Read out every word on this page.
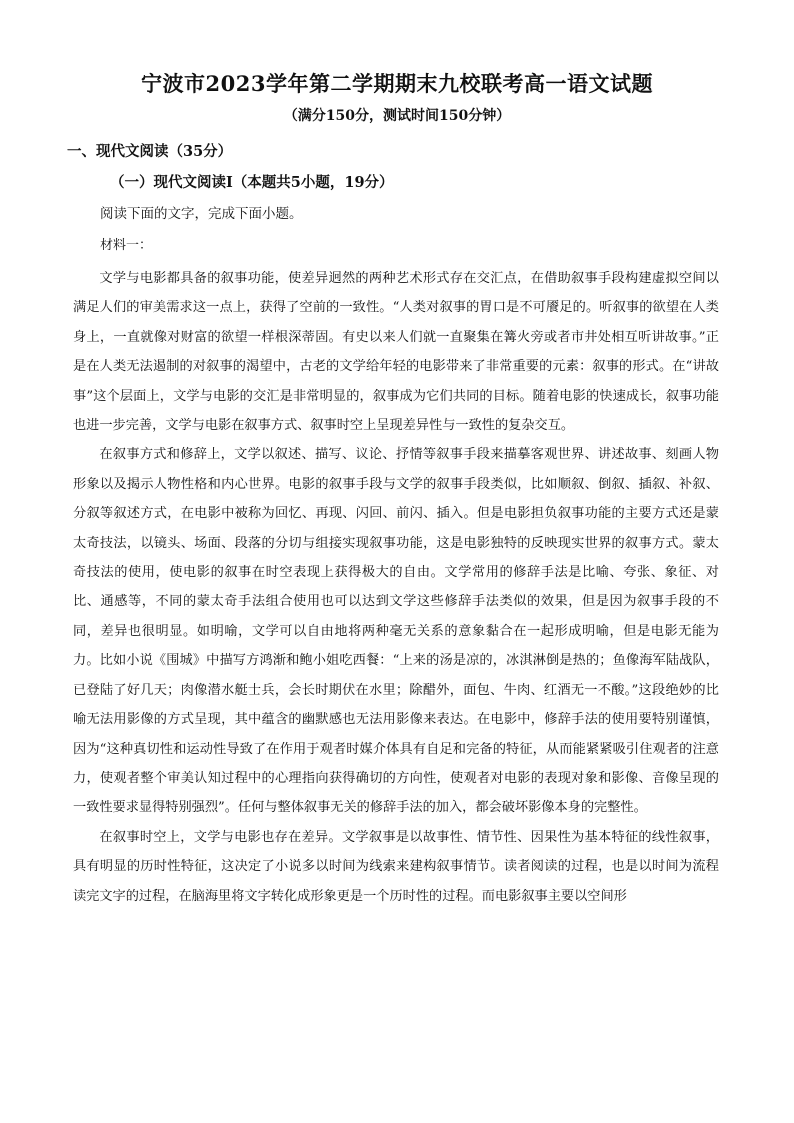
宁波市2023学年第二学期期末九校联考高一语文试题
（满分150分，测试时间150分钟）
一、现代文阅读（35分）
（一）现代文阅读Ⅰ（本题共5小题，19分）
阅读下面的文字，完成下面小题。
材料一：

文学与电影都具备的叙事功能，使差异迥然的两种艺术形式存在交汇点，在借助叙事手段构建虚拟空间以满足人们的审美需求这一点上，获得了空前的一致性。“人类对叙事的胃口是不可餍足的。听叙事的欲望在人类身上，一直就像对财富的欲望一样根深蒂固。有史以来人们就一直聚集在篝火旁或者市井处相互听讲故事。”正是在人类无法遏制的对叙事的渴望中，古老的文学给年轻的电影带来了非常重要的元素：叙事的形式。在“讲故事”这个层面上，文学与电影的交汇是非常明显的，叙事成为它们共同的目标。随着电影的快速成长，叙事功能也进一步完善，文学与电影在叙事方式、叙事时空上呈现差异性与一致性的复杂交互。

在叙事方式和修辞上，文学以叙述、描写、议论、抒情等叙事手段来描摹客观世界、讲述故事、刻画人物形象以及揭示人物性格和内心世界。电影的叙事手段与文学的叙事手段类似，比如顺叙、倒叙、插叙、补叙、分叙等叙述方式，在电影中被称为回忆、再现、闪回、前闪、插入。但是电影担负叙事功能的主要方式还是蒙太奇技法，以镜头、场面、段落的分切与组接实现叙事功能，这是电影独特的反映现实世界的叙事方式。蒙太奇技法的使用，使电影的叙事在时空表现上获得极大的自由。文学常用的修辞手法是比喻、夸张、象征、对比、通感等，不同的蒙太奇手法组合使用也可以达到文学这些修辞手法类似的效果，但是因为叙事手段的不同，差异也很明显。如明喻，文学可以自由地将两种毫无关系的意象黏合在一起形成明喻，但是电影无能为力。比如小说《围城》中描写方鸿渐和鲍小姐吃西餐：“上来的汤是凉的，冰淇淋倒是热的；鱼像海军陆战队，已登陆了好几天；肉像潜水艇士兵，会长时期伏在水里；除醋外，面包、牛肉、红酒无一不酸。”这段绝妙的比喻无法用影像的方式呈现，其中蕴含的幽默感也无法用影像来表达。在电影中，修辞手法的使用要特别谨慎，因为“这种真切性和运动性导致了在作用于观者时媒介体具有自足和完备的特征，从而能紧紧吸引住观者的注意力，使观者整个审美认知过程中的心理指向获得确切的方向性，使观者对电影的表现对象和影像、音像呈现的一致性要求显得特别强烈”。任何与整体叙事无关的修辞手法的加入，都会破坏影像本身的完整性。

在叙事时空上，文学与电影也存在差异。文学叙事是以故事性、情节性、因果性为基本特征的线性叙事，具有明显的历时性特征，这决定了小说多以时间为线索来建构叙事情节。读者阅读的过程，也是以时间为流程读完文字的过程，在脑海里将文字转化成形象更是一个历时性的过程。而电影叙事主要以空间形
